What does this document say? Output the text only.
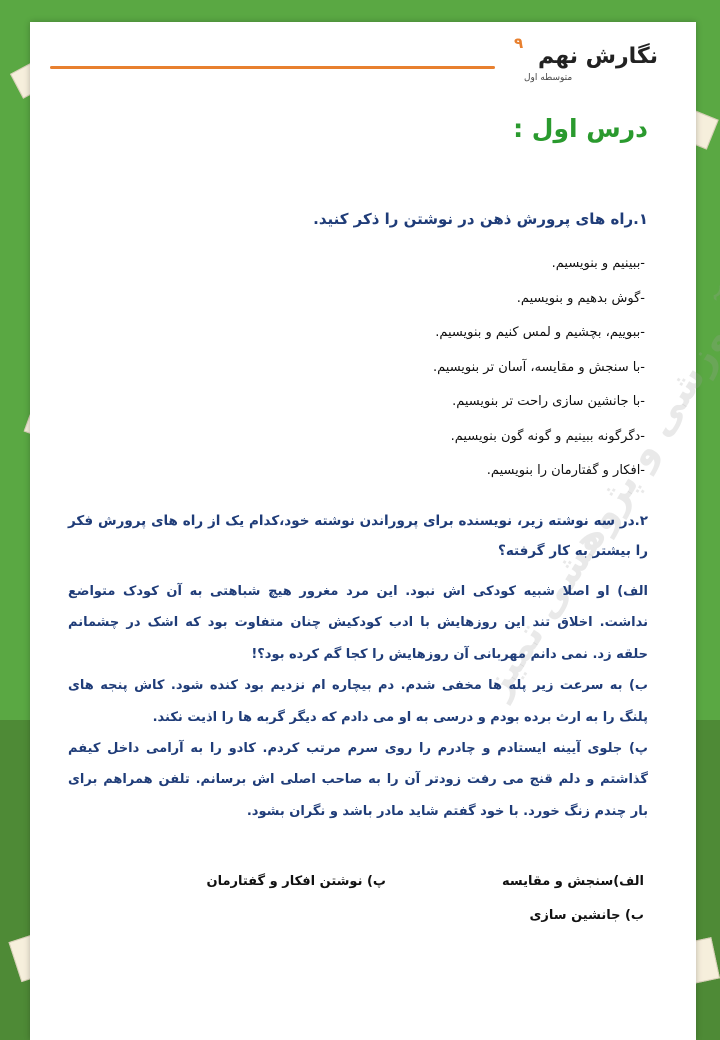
نگارش نهم
۹
متوسطه اول
درس اول :
آموزشی و پژوهشی تمیز
۱.راه های پرورش ذهن در نوشتن را ذکر کنید.
-ببینیم و بنویسیم.
-گوش بدهیم و بنویسیم.
-ببوییم، بچشیم و لمس کنیم و بنویسیم.
-با سنجش و مقایسه، آسان تر بنویسیم.
-با جانشین سازی راحت تر بنویسیم.
-دگرگونه ببینیم و گونه گون بنویسیم.
-افکار و گفتارمان را بنویسیم.
۲.در سه نوشته زیر، نویسنده برای پروراندن نوشته خود،کدام یک از راه های پرورش فکر را بیشتر به کار گرفته؟

الف) او اصلا شبیه کودکی اش نبود. این مرد مغرور هیچ شباهتی به آن کودک متواضع نداشت. اخلاق تند این روزهایش با ادب کودکیش چنان متفاوت بود که اشک در چشمانم حلقه زد. نمی دانم مهربانی آن روزهایش را کجا گم کرده بود؟!

ب) به سرعت زیر پله ها مخفی شدم. دم بیچاره ام نزدیم بود کنده شود. کاش پنجه های پلنگ را به ارث برده بودم و درسی به او می دادم که دیگر گربه ها را اذیت نکند.

پ) جلوی آیینه ایستادم و چادرم را روی سرم مرتب کردم. کادو را به آرامی داخل کیفم گذاشتم و دلم قنج می رفت زودتر آن را به صاحب اصلی اش برسانم. تلفن همراهم برای بار چندم زنگ خورد. با خود گفتم شاید مادر باشد و نگران بشود.

الف)سنجش و مقایسه
پ) نوشتن افکار و گفتارمان
ب) جانشین سازی
